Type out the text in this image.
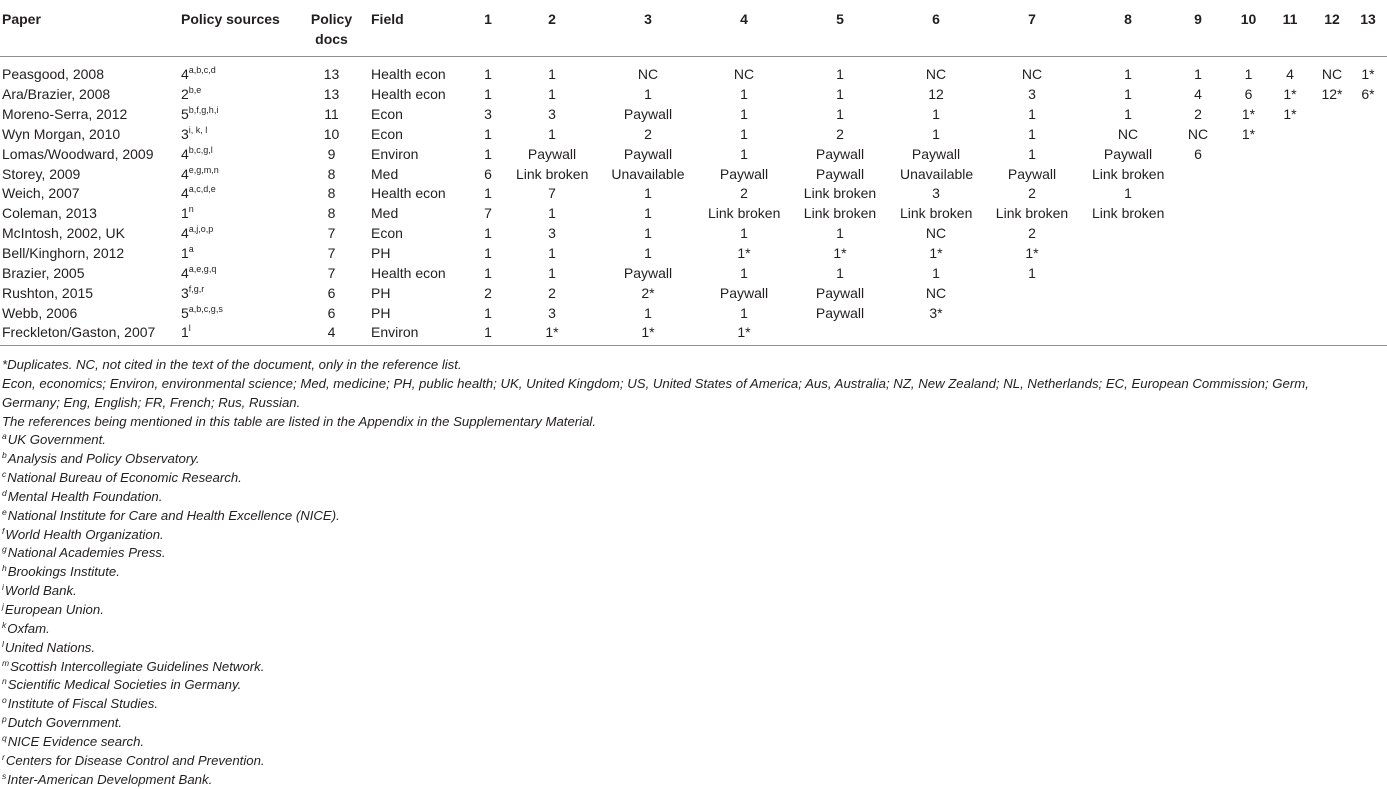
Paper	Policy sources	Policy docs	Field	1	2	3	4	5	6	7	8	9	10	11	12	13
Peasgood, 2008	4$^{a,b,c,d}$	13	Health econ	1	1	NC	NC	1	NC	NC	1	1	1	4	NC	1*
Ara/Brazier, 2008	2$^{b,e}$	13	Health econ	1	1	1	1	1	12	3	1	4	6	1*	12*	6*
Moreno-Serra, 2012	5$^{b,f,g,h,i}$	11	Econ	3	3	Paywall	1	1	1	1	1	2	1*	1*		
Wyn Morgan, 2010	3$^{i, k, l}$	10	Econ	1	1	2	1	2	1	1	NC	NC	1*			
Lomas/Woodward, 2009	4$^{b,c,g,l}$	9	Environ	1	Paywall	Paywall	1	Paywall	Paywall	1	Paywall	6				
Storey, 2009	4$^{e,g,m,n}$	8	Med	6	Link broken	Unavailable	Paywall	Paywall	Unavailable	Paywall	Link broken					
Weich, 2007	4$^{a,c,d,e}$	8	Health econ	1	7	1	2	Link broken	3	2	1					
Coleman, 2013	1$^n$	8	Med	7	1	1	Link broken	Link broken	Link broken	Link broken	Link broken					
McIntosh, 2002, UK	4$^{a,j,o,p}$	7	Econ	1	3	1	1	1	NC	2						
Bell/Kinghorn, 2012	1$^a$	7	PH	1	1	1	1*	1*	1*	1*						
Brazier, 2005	4$^{a,e,g,q}$	7	Health econ	1	1	Paywall	1	1	1	1						
Rushton, 2015	3$^{f,g,r}$	6	PH	2	2	2*	Paywall	Paywall	NC							
Webb, 2006	5$^{a,b,c,g,s}$	6	PH	1	3	1	1	Paywall	3*							
Freckleton/Gaston, 2007	1$^l$	4	Environ	1	1*	1*	1*									
*Duplicates. NC, not cited in the text of the document, only in the reference list.
Econ, economics; Environ, environmental science; Med, medicine; PH, public health; UK, United Kingdom; US, United States of America; Aus, Australia; NZ, New Zealand; NL, Netherlands; EC, European Commission; Germ, Germany; Eng, English; FR, French; Rus, Russian.
The references being mentioned in this table are listed in the Appendix in the Supplementary Material.
$^a$UK Government.
$^b$Analysis and Policy Observatory.
$^c$National Bureau of Economic Research.
$^d$Mental Health Foundation.
$^e$National Institute for Care and Health Excellence (NICE).
$^f$World Health Organization.
$^g$National Academies Press.
$^h$Brookings Institute.
$^i$World Bank.
$^j$European Union.
$^k$Oxfam.
$^l$United Nations.
$^m$Scottish Intercollegiate Guidelines Network.
$^n$Scientific Medical Societies in Germany.
$^o$Institute of Fiscal Studies.
$^p$Dutch Government.
$^q$NICE Evidence search.
$^r$Centers for Disease Control and Prevention.
$^s$Inter-American Development Bank.
